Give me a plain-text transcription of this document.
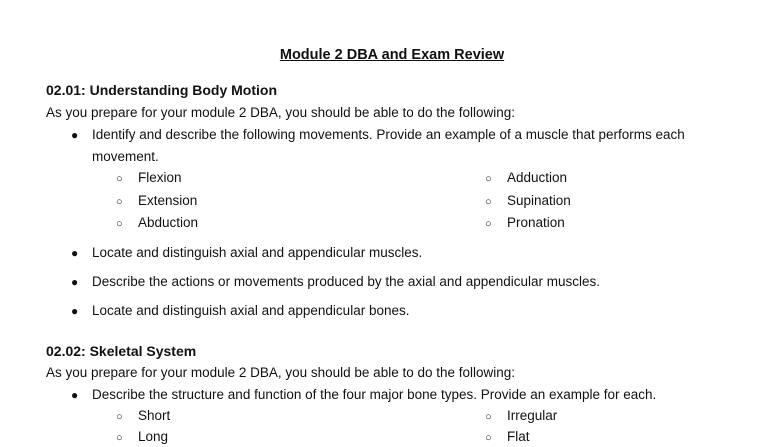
Module 2 DBA and Exam Review
02.01: Understanding Body Motion
As you prepare for your module 2 DBA, you should be able to do the following:
●	Identify and describe the following movements. Provide an example of a muscle that performs each movement.
○ Flexion
○ Extension
○ Abduction
○ Adduction
○ Supination
○ Pronation
●	Locate and distinguish axial and appendicular muscles.
●	Describe the actions or movements produced by the axial and appendicular muscles.
●	Locate and distinguish axial and appendicular bones.
02.02: Skeletal System
As you prepare for your module 2 DBA, you should be able to do the following:
●	Describe the structure and function of the four major bone types. Provide an example for each.
○ Short
○ Long
○ Irregular
○ Flat
